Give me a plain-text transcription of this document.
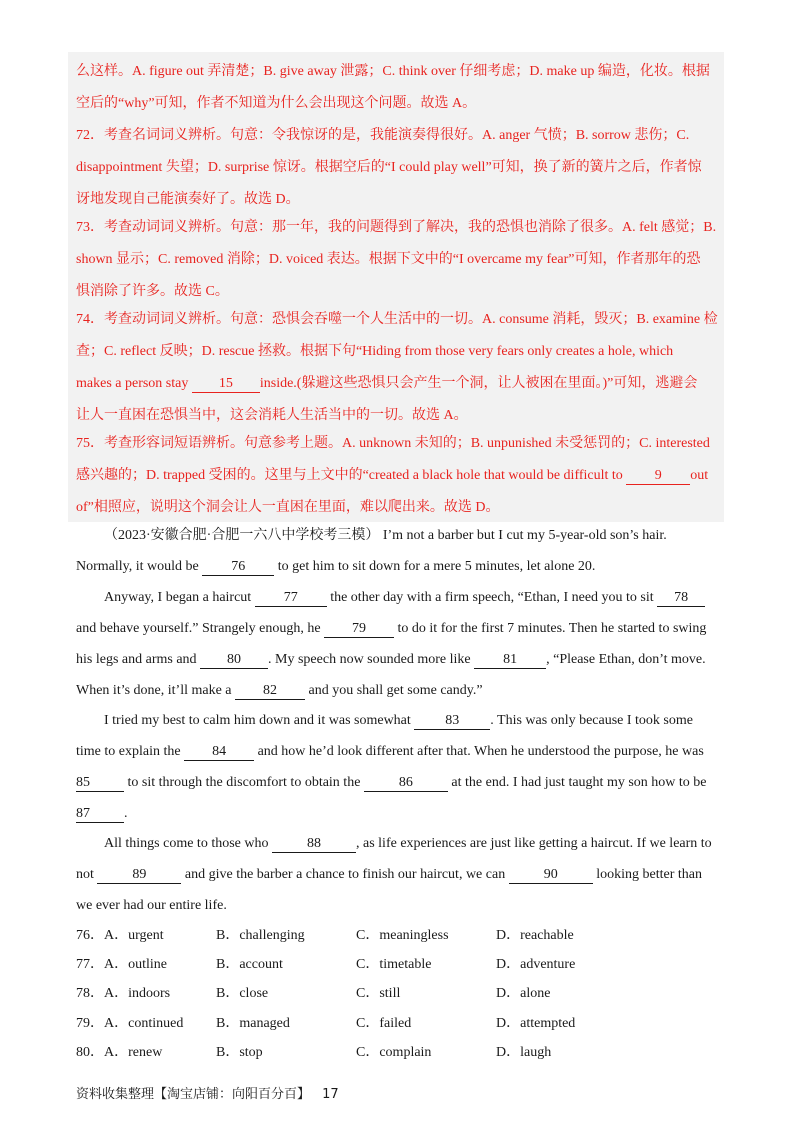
么这样。A. figure out 弄清楚；B. give away 泄露；C. think over 仔细考虑；D. make up 编造，化妆。根据
空后的“why”可知，作者不知道为什么会出现这个问题。故选 A。
72．考查名词词义辨析。句意：令我惊讶的是，我能演奏得很好。A. anger 气愤；B. sorrow 悲伤；C.
disappointment 失望；D. surprise 惊讶。根据空后的“I could play well”可知，换了新的簧片之后，作者惊
讶地发现自己能演奏好了。故选 D。
73．考查动词词义辨析。句意：那一年，我的问题得到了解决，我的恐惧也消除了很多。A. felt 感觉；B.
shown 显示；C. removed 消除；D. voiced 表达。根据下文中的“I overcame my fear”可知，作者那年的恐
惧消除了许多。故选 C。
74．考查动词词义辨析。句意：恐惧会吞噬一个人生活中的一切。A. consume 消耗，毁灭；B. examine 检
查；C. reflect 反映；D. rescue 拯救。根据下句“Hiding from those very fears only creates a hole, which
makes a person stay 15 inside.(躲避这些恐惧只会产生一个洞，让人被困在里面。)”可知，逃避会
让人一直困在恐惧当中，这会消耗人生活当中的一切。故选 A。
75．考查形容词短语辨析。句意参考上题。A. unknown 未知的；B. unpunished 未受惩罚的；C. interested
感兴趣的；D. trapped 受困的。这里与上文中的“created a black hole that would be difficult to 9 out
of”相照应，说明这个洞会让人一直困在里面，难以爬出来。故选 D。
（2023·安徽合肥·合肥一六八中学校考三模） I’m not a barber but I cut my 5-year-old son’s hair.
Normally, it would be 76 to get him to sit down for a mere 5 minutes, let alone 20.
Anyway, I began a haircut 77 the other day with a firm speech, “Ethan, I need you to sit 78
and behave yourself.” Strangely enough, he 79 to do it for the first 7 minutes. Then he started to swing
his legs and arms and 80 . My speech now sounded more like 81 , “Please Ethan, don’t move.
When it’s done, it’ll make a 82 and you shall get some candy.”
I tried my best to calm him down and it was somewhat 83 . This was only because I took some
time to explain the 84 and how he’d look different after that. When he understood the purpose, he was
85	to sit through the discomfort to obtain the	86	at the end. I had just taught my son how to be
87 .
All things come to those who	88	, as life experiences are just like getting a haircut. If we learn to
not	89	and give the barber a chance to finish our haircut, we can	90	looking better than
we ever had our entire life.
76． A．urgent	B．challenging	C．meaningless	D．reachable
77． A．outline	B．account	C．timetable	D．adventure
78． A．indoors	B．close	C．still	D．alone
79． A．continued B．managed	C．failed	D．attempted
80． A．renew	B．stop	C．complain	D．laugh
资料收集整理【淘宝店铺：向阳百分百】 17
